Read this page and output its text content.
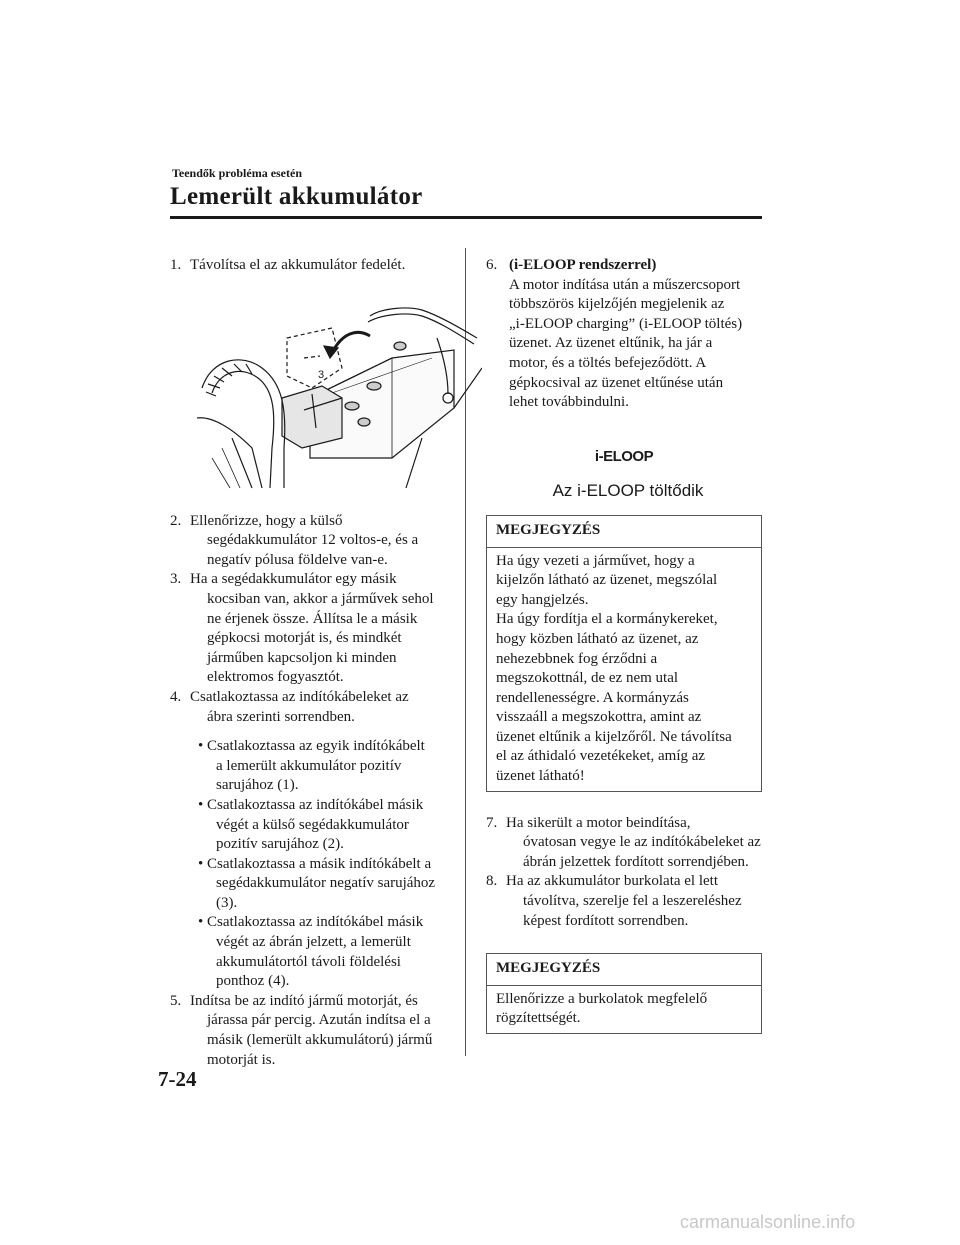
Teendők probléma esetén
Lemerült akkumulátor
1. Távolítsa el az akkumulátor fedelét.
3
2. Ellenőrizze, hogy a külső
segédakkumulátor 12 voltos-e, és a
negatív pólusa földelve van-e.
3. Ha a segédakkumulátor egy másik
kocsiban van, akkor a járművek sehol
ne érjenek össze. Állítsa le a másik
gépkocsi motorját is, és mindkét
járműben kapcsoljon ki minden
elektromos fogyasztót.
4. Csatlakoztassa az indítókábeleket az
ábra szerinti sorrendben.
• Csatlakoztassa az egyik indítókábelt
a lemerült akkumulátor pozitív
sarujához (1).
• Csatlakoztassa az indítókábel másik
végét a külső segédakkumulátor
pozitív sarujához (2).
• Csatlakoztassa a másik indítókábelt a
segédakkumulátor negatív sarujához
(3).
• Csatlakoztassa az indítókábel másik
végét az ábrán jelzett, a lemerült
akkumulátortól távoli földelési
ponthoz (4).
5. Indítsa be az indító jármű motorját, és
járassa pár percig. Azután indítsa el a
másik (lemerült akkumulátorú) jármű
motorját is.
6. (i-ELOOP rendszerrel)
A motor indítása után a műszercsoport
többszörös kijelzőjén megjelenik az
„i-ELOOP charging” (i-ELOOP töltés)
üzenet. Az üzenet eltűnik, ha jár a
motor, és a töltés befejeződött. A
gépkocsival az üzenet eltűnése után
lehet továbbindulni.
i-ELOOP
Az i-ELOOP töltődik
MEGJEGYZÉS
Ha úgy vezeti a járművet, hogy a
kijelzőn látható az üzenet, megszólal
egy hangjelzés.
Ha úgy fordítja el a kormánykereket,
hogy közben látható az üzenet, az
nehezebbnek fog érződni a
megszokottnál, de ez nem utal
rendellenességre. A kormányzás
visszaáll a megszokottra, amint az
üzenet eltűnik a kijelzőről. Ne távolítsa
el az áthidaló vezetékeket, amíg az
üzenet látható!
7. Ha sikerült a motor beindítása,
óvatosan vegye le az indítókábeleket az
ábrán jelzettek fordított sorrendjében.
8. Ha az akkumulátor burkolata el lett
távolítva, szerelje fel a leszereléshez
képest fordított sorrendben.
MEGJEGYZÉS
Ellenőrizze a burkolatok megfelelő
rögzítettségét.
7-24
carmanualsonline.info
